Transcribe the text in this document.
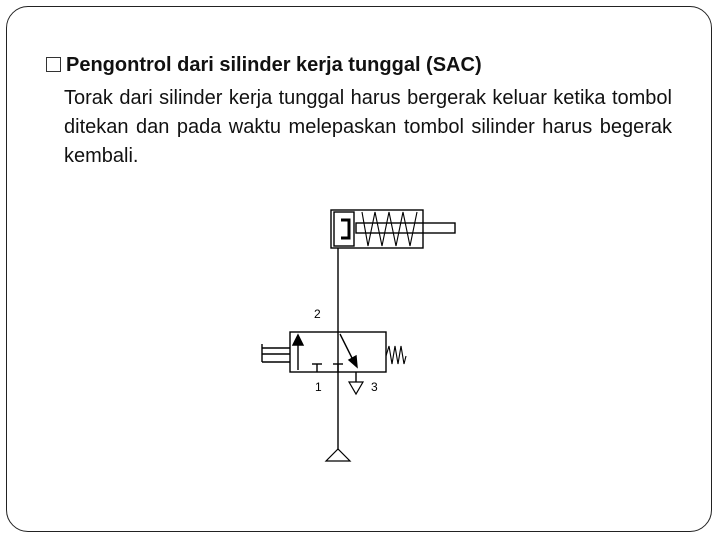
Pengontrol dari silinder kerja tunggal (SAC)
Torak dari silinder kerja tunggal harus bergerak keluar ketika tombol ditekan dan pada waktu melepaskan tombol silinder harus begerak kembali.
2
1	3
